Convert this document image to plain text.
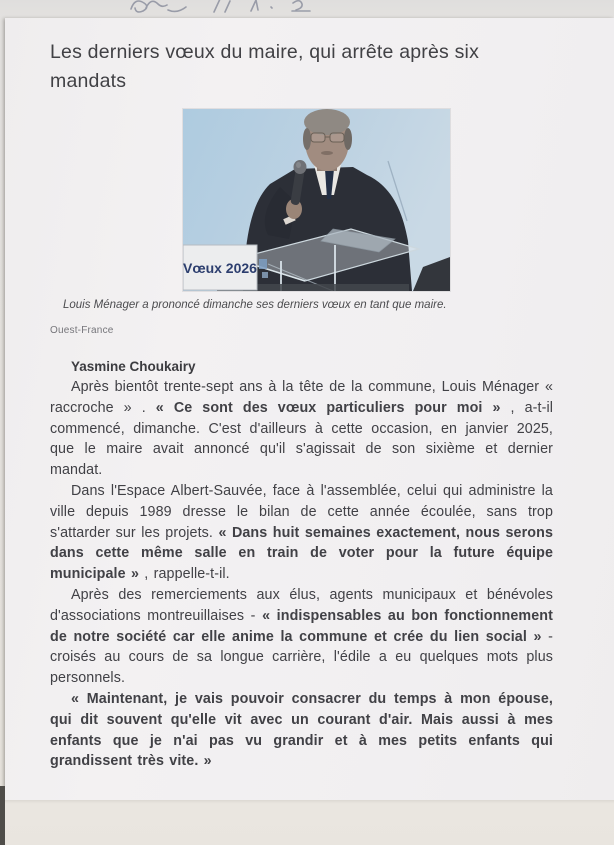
Les derniers vœux du maire, qui arrête après six mandats
Vœux 2026
Louis Ménager a prononcé dimanche ses derniers vœux en tant que maire.
Ouest-France
Yasmine Choukairy

Après bientôt trente-sept ans à la tête de la commune, Louis Ménager « raccroche » . « Ce sont des vœux particuliers pour moi » , a-t-il commencé, dimanche. C'est d'ailleurs à cette occasion, en janvier 2025, que le maire avait annoncé qu'il s'agissait de son sixième et dernier mandat.

Dans l'Espace Albert-Sauvée, face à l'assemblée, celui qui administre la ville depuis 1989 dresse le bilan de cette année écoulée, sans trop s'attarder sur les projets. « Dans huit semaines exactement, nous serons dans cette même salle en train de voter pour la future équipe municipale » , rappelle-t-il.

Après des remerciements aux élus, agents municipaux et bénévoles d'associations montreuillaises - « indispensables au bon fonctionnement de notre société car elle anime la commune et crée du lien social » - croisés au cours de sa longue carrière, l'édile a eu quelques mots plus personnels.

« Maintenant, je vais pouvoir consacrer du temps à mon épouse, qui dit souvent qu'elle vit avec un courant d'air. Mais aussi à mes enfants que je n'ai pas vu grandir et à mes petits enfants qui grandissent très vite. »
